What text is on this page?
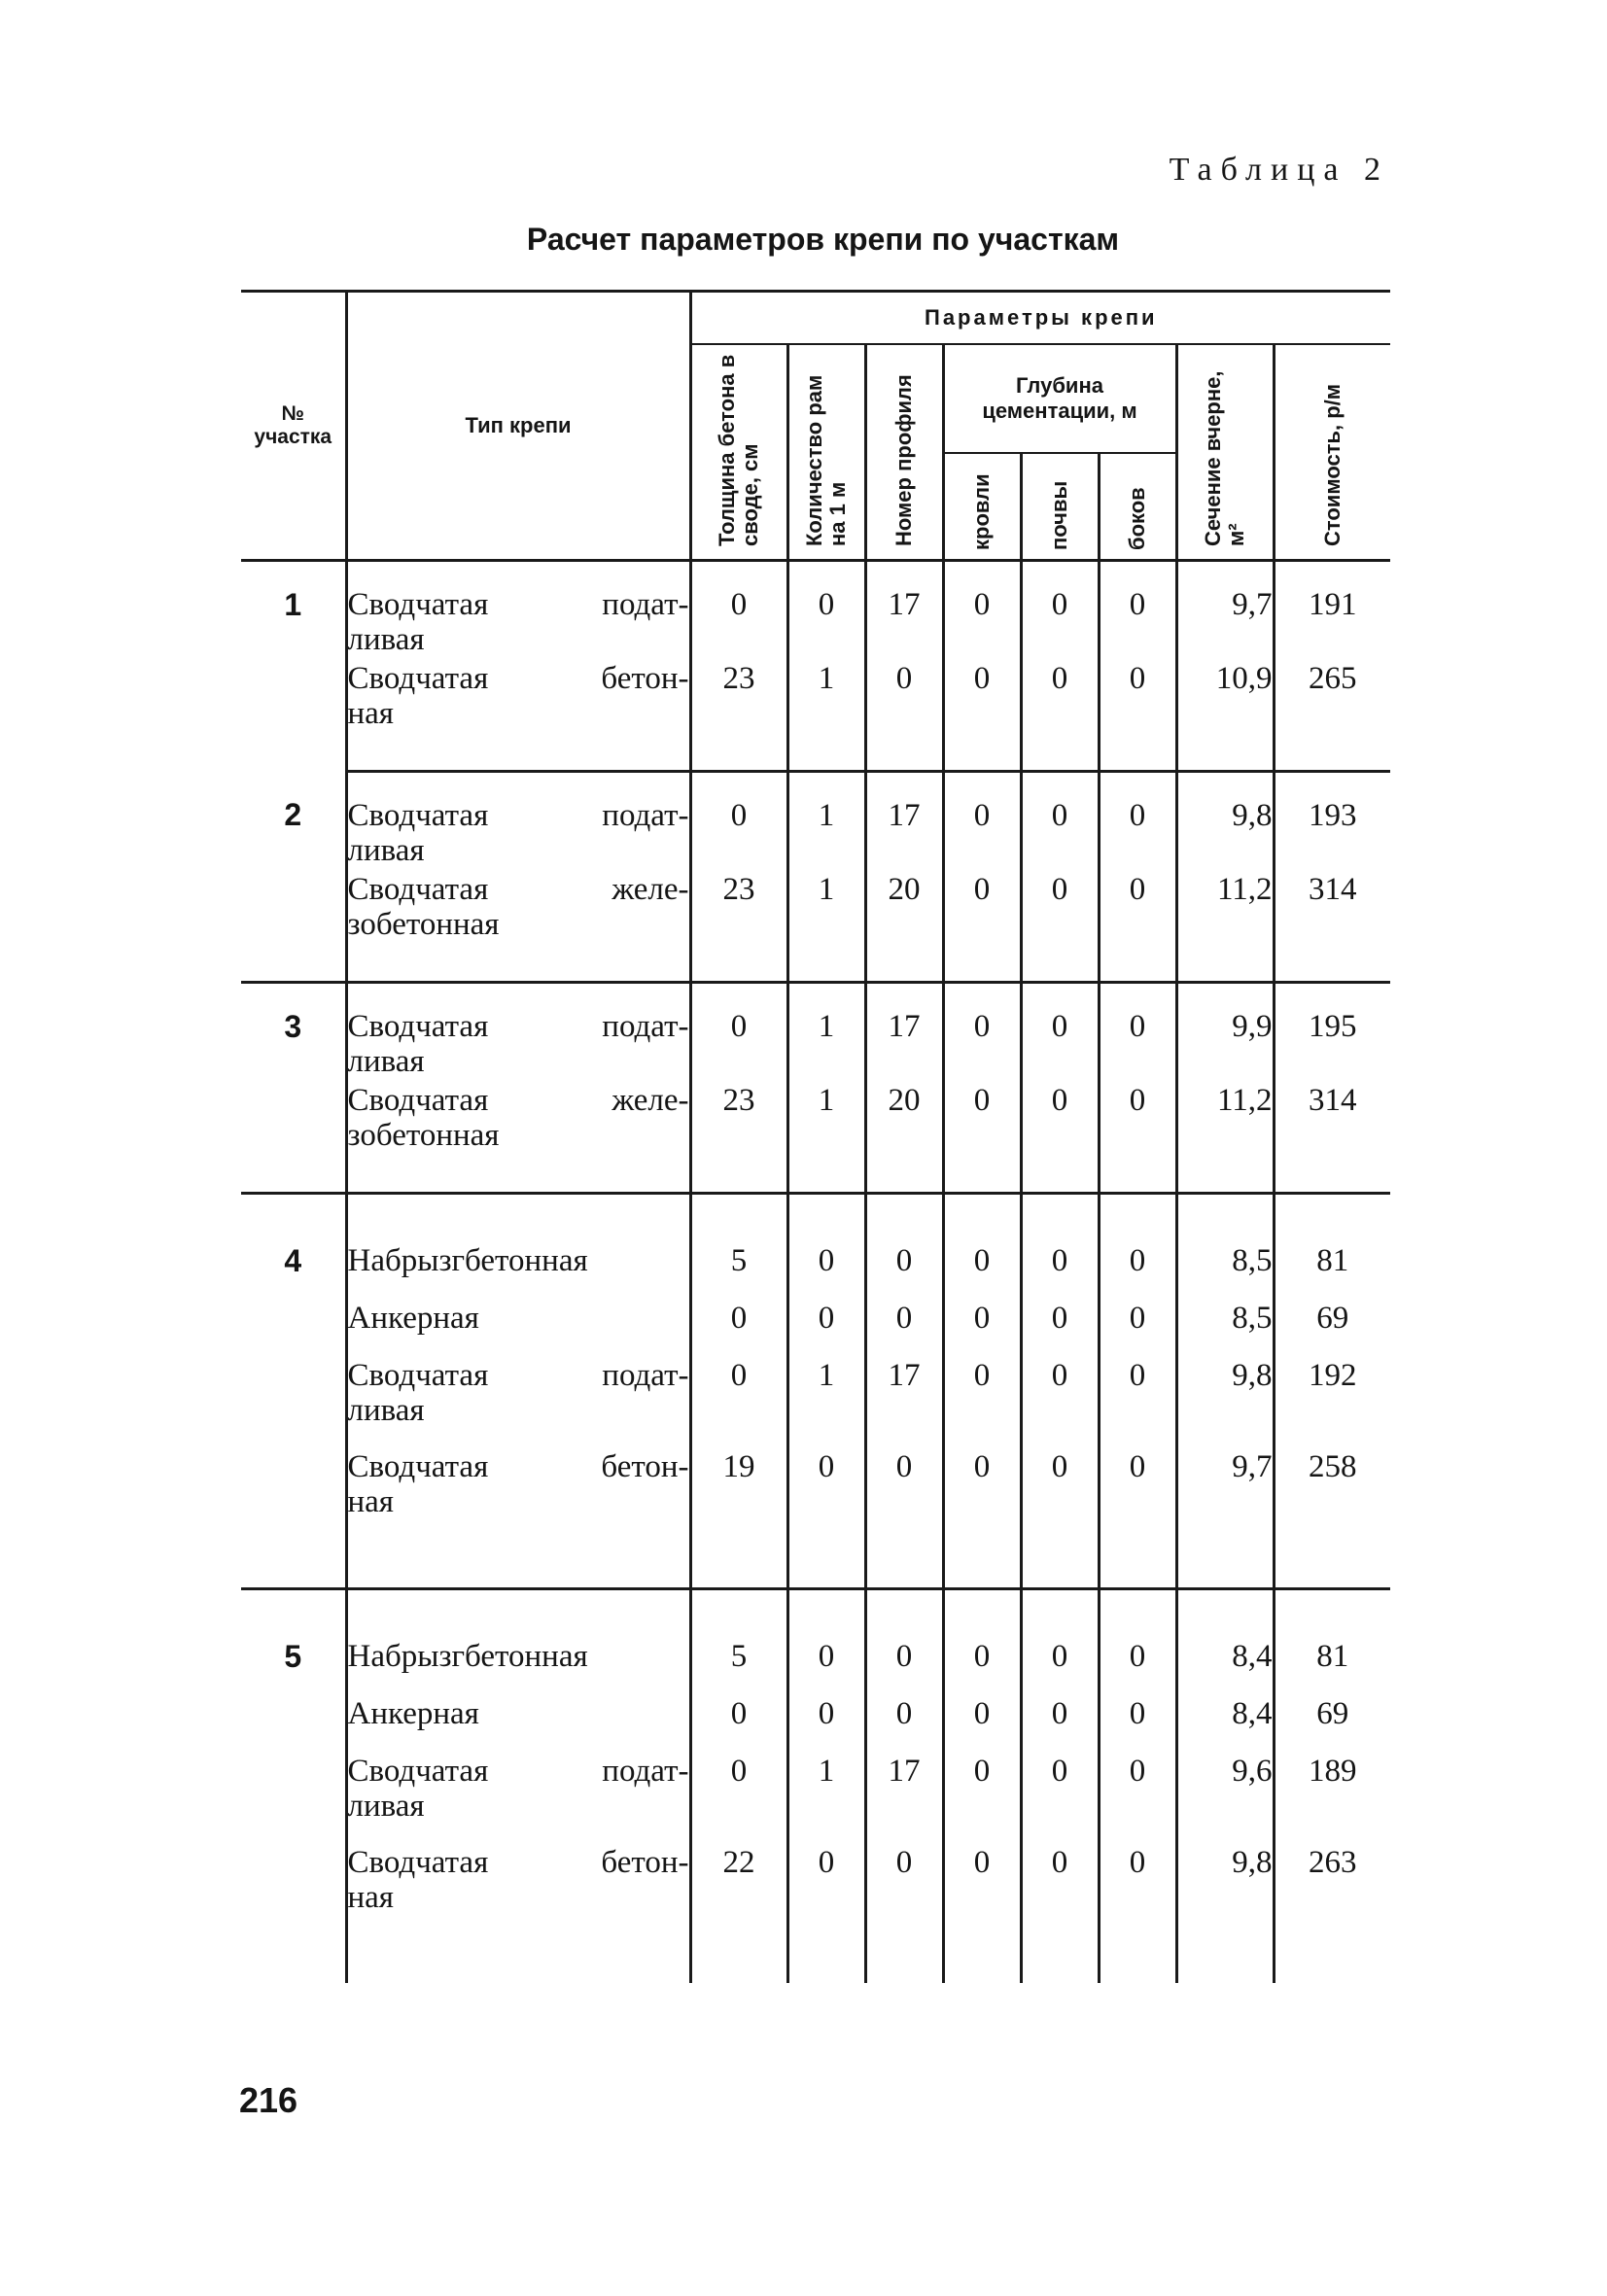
Таблица 2
Расчет параметров крепи по участкам
№ участка	Тип крепи	Параметры крепи							
		Толщина бетона в своде, см	Количество рам на 1 м	Номер профиля	Глубина цементации, м			Сечение вчерне, м²	Стоимость, р/м
					кровли	почвы	боков		
1	Сводчатая подат-
ливая	0	0	17	0	0	0	9,7	191

	Сводчатая бетон-
ная	23	1	0	0	0	0	10,9	265
2	Сводчатая подат-
ливая	0	1	17	0	0	0	9,8	193

	Сводчатая желе-
зобетонная	23	1	20	0	0	0	11,2	314
3	Сводчатая подат-
ливая	0	1	17	0	0	0	9,9	195

	Сводчатая желе-
зобетонная	23	1	20	0	0	0	11,2	314
4	Набрызгбетонная	5	0	0	0	0	0	8,5	81

	Анкерная	0	0	0	0	0	0	8,5	69

	Сводчатая подат-
ливая	0	1	17	0	0	0	9,8	192

	Сводчатая бетон-
ная	19	0	0	0	0	0	9,7	258
5	Набрызгбетонная	5	0	0	0	0	0	8,4	81

	Анкерная	0	0	0	0	0	0	8,4	69

	Сводчатая подат-
ливая	0	1	17	0	0	0	9,6	189

	Сводчатая бетон-
ная	22	0	0	0	0	0	9,8	263
216
